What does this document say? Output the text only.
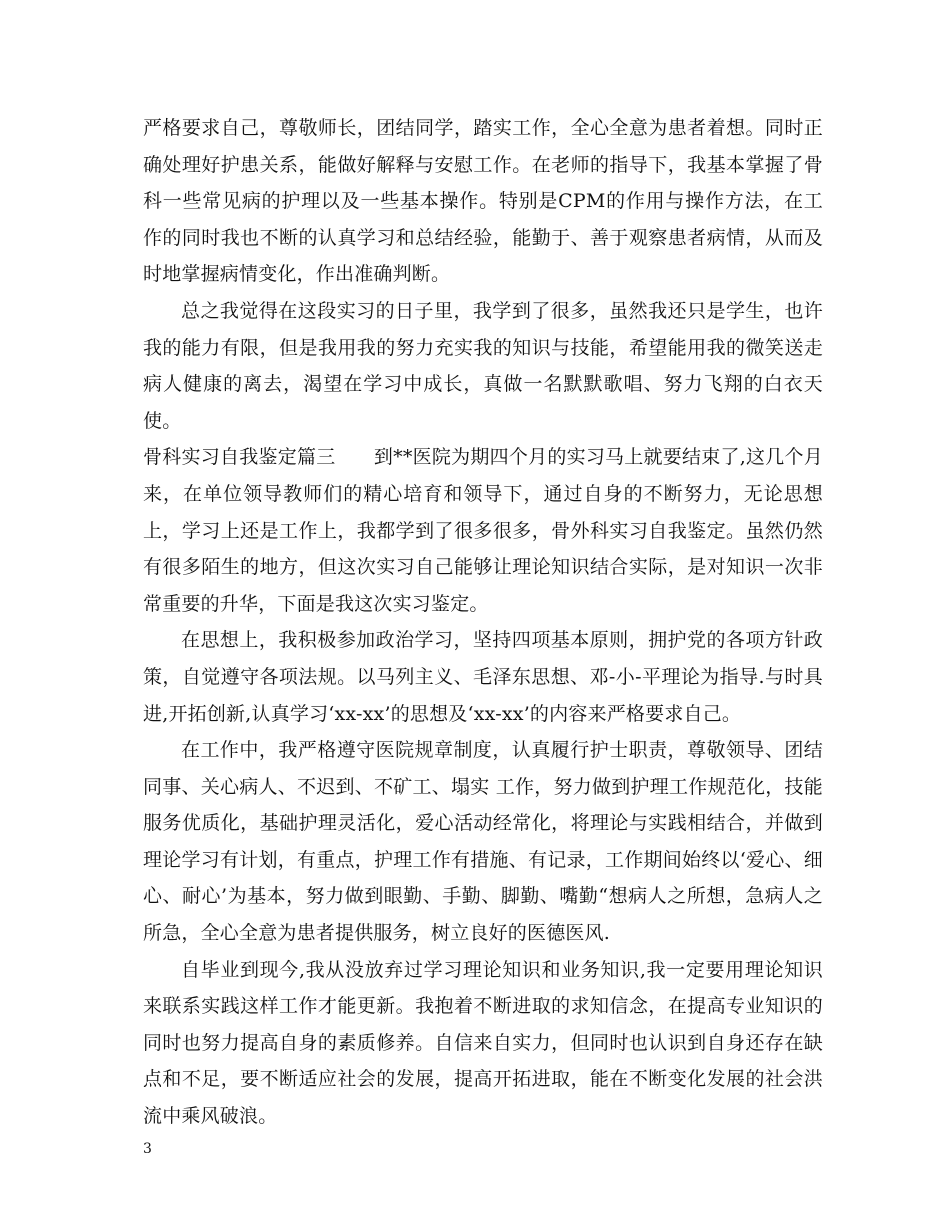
严格要求自己，尊敬师长，团结同学，踏实工作，全心全意为患者着想。同时正确处理好护患关系，能做好解释与安慰工作。在老师的指导下，我基本掌握了骨科一些常见病的护理以及一些基本操作。特别是CPM的作用与操作方法，在工作的同时我也不断的认真学习和总结经验，能勤于、善于观察患者病情，从而及时地掌握病情变化，作出准确判断。

总之我觉得在这段实习的日子里，我学到了很多，虽然我还只是学生，也许我的能力有限，但是我用我的努力充实我的知识与技能，希望能用我的微笑送走病人健康的离去，渴望在学习中成长，真做一名默默歌唱、努力飞翔的白衣天使。

骨科实习自我鉴定篇三　　到**医院为期四个月的实习马上就要结束了,这几个月来，在单位领导教师们的精心培育和领导下，通过自身的不断努力，无论思想上，学习上还是工作上，我都学到了很多很多，骨外科实习自我鉴定。虽然仍然有很多陌生的地方，但这次实习自己能够让理论知识结合实际，是对知识一次非常重要的升华，下面是我这次实习鉴定。

在思想上，我积极参加政治学习，坚持四项基本原则，拥护党的各项方针政策，自觉遵守各项法规。以马列主义、毛泽东思想、邓-小-平理论为指导.与时具进,开拓创新,认真学习‘xx-xx’的思想及‘xx-xx’的内容来严格要求自己。

在工作中，我严格遵守医院规章制度，认真履行护士职责，尊敬领导、团结同事、关心病人、不迟到、不矿工、塌实 工作，努力做到护理工作规范化，技能服务优质化，基础护理灵活化，爱心活动经常化，将理论与实践相结合，并做到理论学习有计划，有重点，护理工作有措施、有记录，工作期间始终以‘爱心、细心、耐心’为基本，努力做到眼勤、手勤、脚勤、嘴勤“想病人之所想，急病人之所急，全心全意为患者提供服务，树立良好的医德医风.

自毕业到现今,我从没放弃过学习理论知识和业务知识,我一定要用理论知识来联系实践这样工作才能更新。我抱着不断进取的求知信念，在提高专业知识的同时也努力提高自身的素质修养。自信来自实力，但同时也认识到自身还存在缺点和不足，要不断适应社会的发展，提高开拓进取，能在不断变化发展的社会洪流中乘风破浪。

3
